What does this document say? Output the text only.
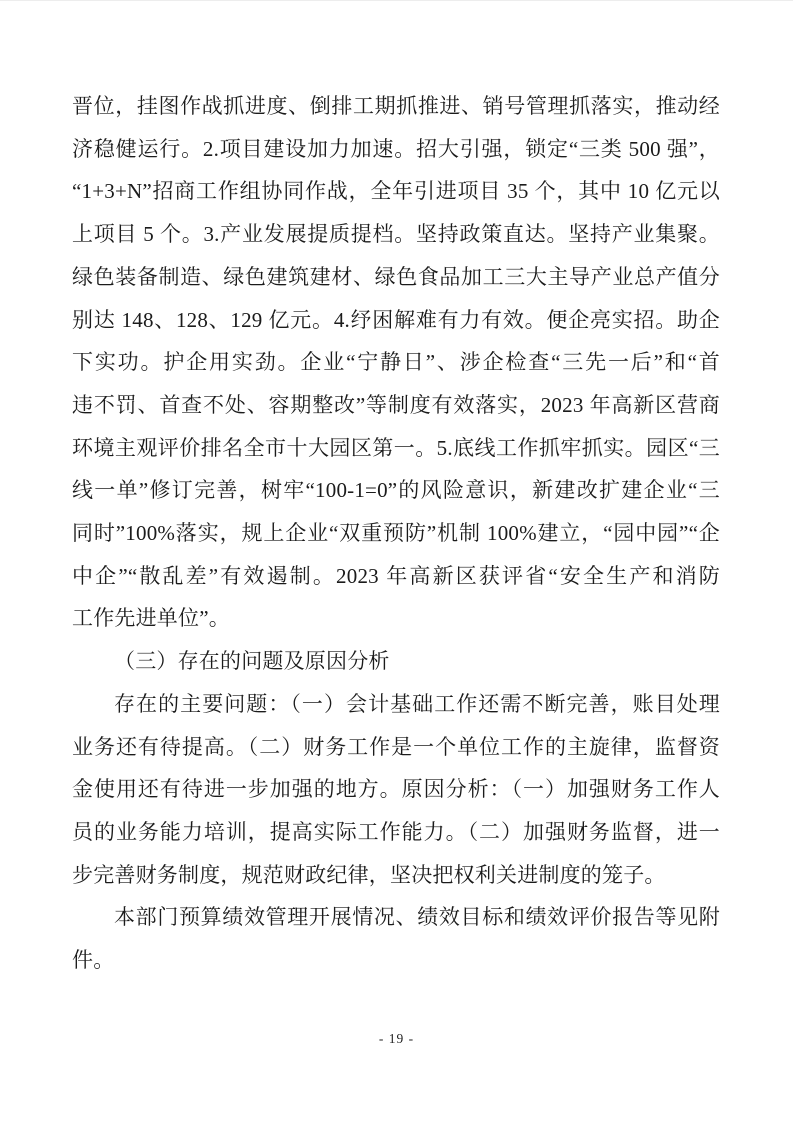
晋位，挂图作战抓进度、倒排工期抓推进、销号管理抓落实，推动经
济稳健运行。2.项目建设加力加速。招大引强，锁定“三类 500 强”，
“1+3+N”招商工作组协同作战，全年引进项目 35 个，其中 10 亿元以
上项目 5 个。3.产业发展提质提档。坚持政策直达。坚持产业集聚。
绿色装备制造、绿色建筑建材、绿色食品加工三大主导产业总产值分
别达 148、128、129 亿元。4.纾困解难有力有效。便企亮实招。助企
下实功。护企用实劲。企业“宁静日”、涉企检查“三先一后”和“首
违不罚、首查不处、容期整改”等制度有效落实，2023 年高新区营商
环境主观评价排名全市十大园区第一。5.底线工作抓牢抓实。园区“三
线一单”修订完善，树牢“100-1=0”的风险意识，新建改扩建企业“三
同时”100%落实，规上企业“双重预防”机制 100%建立，“园中园”“企
中企”“散乱差”有效遏制。2023 年高新区获评省“安全生产和消防
工作先进单位”。
（三）存在的问题及原因分析
存在的主要问题：（一）会计基础工作还需不断完善，账目处理
业务还有待提高。（二）财务工作是一个单位工作的主旋律，监督资
金使用还有待进一步加强的地方。原因分析：（一）加强财务工作人
员的业务能力培训，提高实际工作能力。（二）加强财务监督，进一
步完善财务制度，规范财政纪律，坚决把权利关进制度的笼子。
本部门预算绩效管理开展情况、绩效目标和绩效评价报告等见附
件。
- 19 -
